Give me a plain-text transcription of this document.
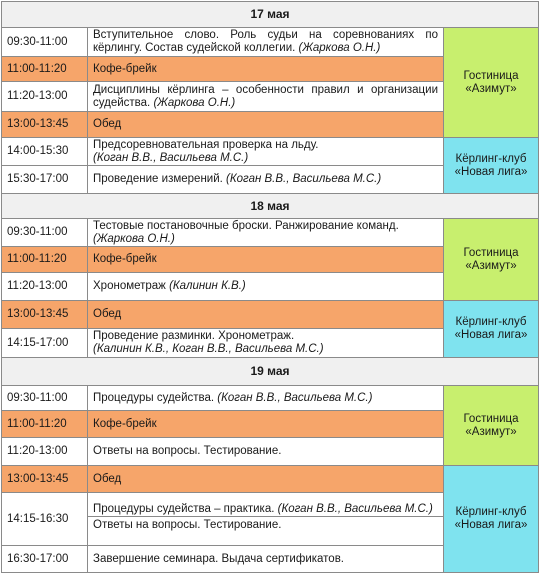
17 мая		
09:30-11:00	Вступительное слово. Роль судьи на соревнованиях по кёрлингу. Состав судейской коллегии. (Жаркова О.Н.)	Гостиница
«Азимут»
11:00-11:20	Кофе-брейк	
11:20-13:00	Дисциплины кёрлинга – особенности правил и организации судейства. (Жаркова О.Н.)	
13:00-13:45	Обед	
14:00-15:30	Предсоревновательная проверка на льду.
(Коган В.В., Васильева М.С.)	Кёрлинг-клуб
«Новая лига»
15:30-17:00	Проведение измерений. (Коган В.В., Васильева М.С.)	
18 мая		
09:30-11:00	Тестовые постановочные броски. Ранжирование команд.
(Жаркова О.Н.)	Гостиница
«Азимут»
11:00-11:20	Кофе-брейк	
11:20-13:00	Хронометраж (Калинин К.В.)	
13:00-13:45	Обед	Кёрлинг-клуб
«Новая лига»
14:15-17:00	Проведение разминки. Хронометраж.
(Калинин К.В., Коган В.В., Васильева М.С.)	
19 мая		
09:30-11:00	Процедуры судейства. (Коган В.В., Васильева М.С.)	Гостиница
«Азимут»
11:00-11:20	Кофе-брейк	
11:20-13:00	Ответы на вопросы. Тестирование.	
13:00-13:45	Обед	Кёрлинг-клуб
«Новая лига»
14:15-16:30	Процедуры судейства – практика. (Коган В.В., Васильева М.С.)
Ответы на вопросы. Тестирование.	

16:30-17:00	Завершение семинара. Выдача сертификатов.	
